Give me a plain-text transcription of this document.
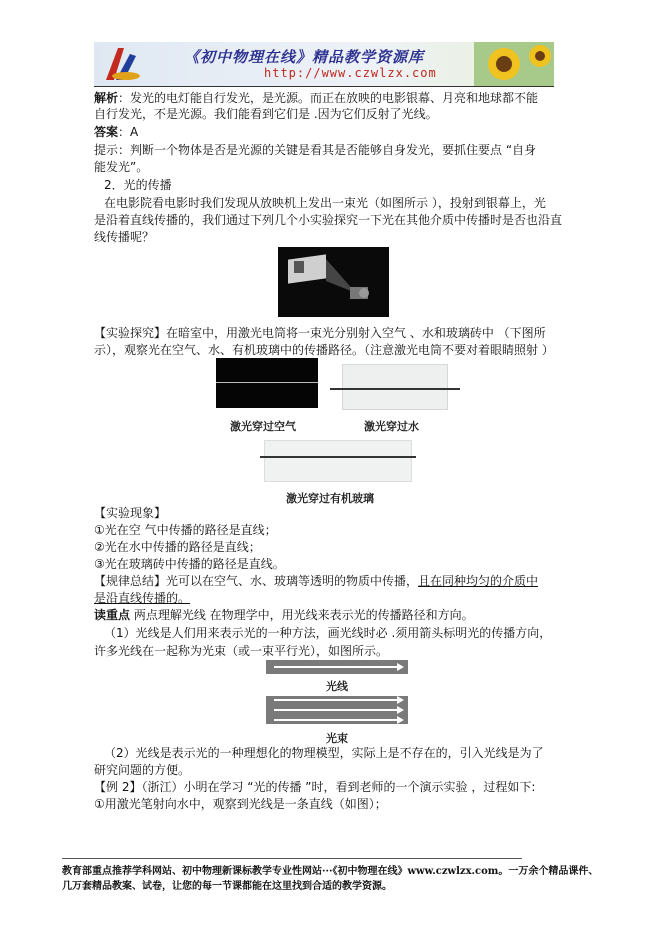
《初中物理在线》精品教学资源库
http://www.czwlzx.com
解析：发光的电灯能自行发光，是光源。而正在放映的电影银幕、月亮和地球都不能
自行发光，不是光源。我们能看到它们是 .因为它们反射了光线。
答案：A
提示：判断一个物体是否是光源的关键是看其是否能够自身发光，要抓住要点 “自身
能发光”。
2．光的传播
在电影院看电影时我们发现从放映机上发出一束光（如图所示 ），投射到银幕上，光
是沿着直线传播的，我们通过下列几个小实验探究一下光在其他介质中传播时是否也沿直
线传播呢？
【实验探究】在暗室中，用激光电筒将一束光分别射入空气 、水和玻璃砖中 （下图所
示），观察光在空气、水、有机玻璃中的传播路径。（注意激光电筒不要对着眼睛照射 ）
激光穿过空气	激光穿过水
激光穿过有机玻璃
【实验现象】
①光在空 气中传播的路径是直线；
②光在水中传播的路径是直线；
③光在玻璃砖中传播的路径是直线。
【规律总结】光可以在空气、水、玻璃等透明的物质中传播，且在同种均匀的介质中
是沿直线传播的。
读重点 两点理解光线 在物理学中，用光线来表示光的传播路径和方向。
（1）光线是人们用来表示光的一种方法，画光线时必 .须用箭头标明光的传播方向，
许多光线在一起称为光束（或一束平行光），如图所示。
光线
光束
（2）光线是表示光的一种理想化的物理模型，实际上是不存在的，引入光线是为了
研究问题的方便。
【例 2】（浙江）小明在学习 “光的传播 ”时，看到老师的一个演示实验 ，过程如下:
①用激光笔射向水中，观察到光线是一条直线（如图）；
教育部重点推荐学科网站、初中物理新课标教学专业性网站···《初中物理在线》www.czwlzx.com。一万余个精品课件、
几万套精品教案、试卷，让您的每一节课都能在这里找到合适的教学资源。
